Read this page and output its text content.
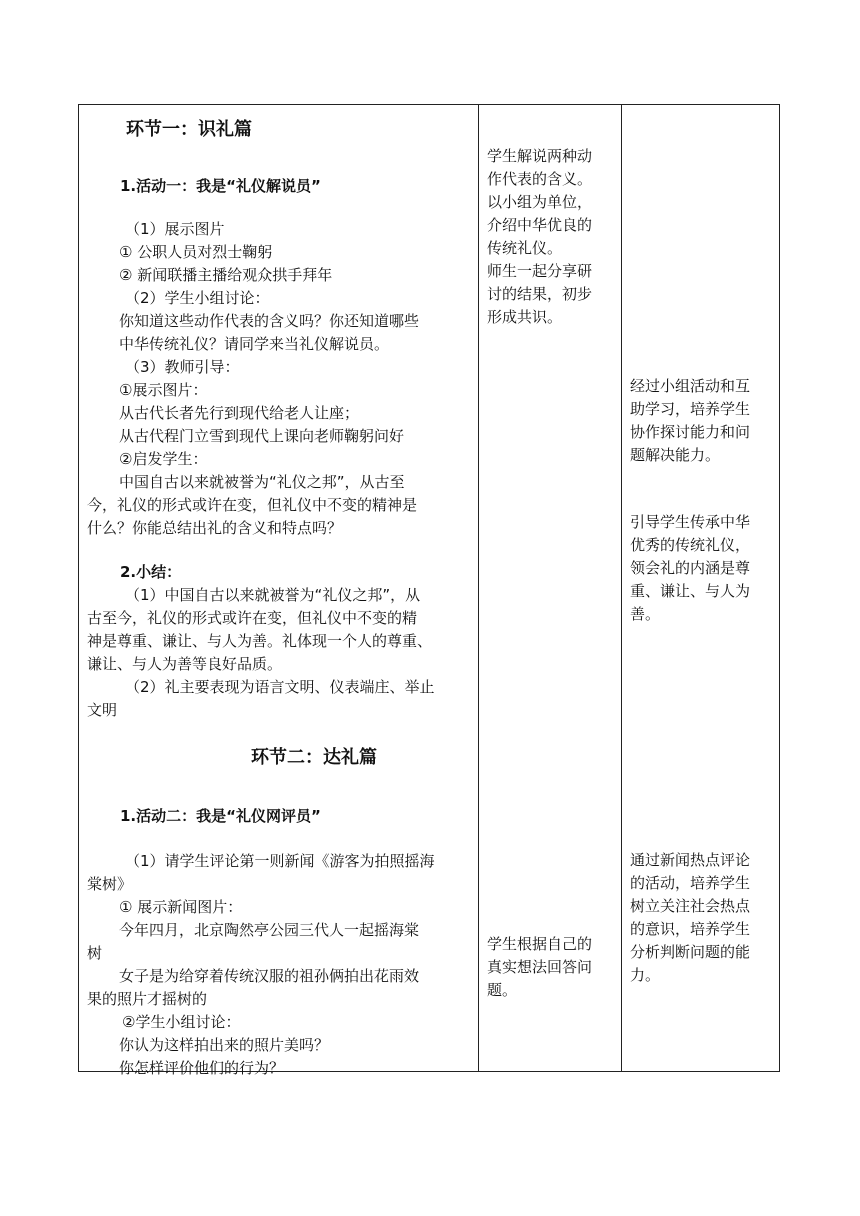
环节一：识礼篇
1.活动一：我是“礼仪解说员”
（1）展示图片
① 公职人员对烈士鞠躬
② 新闻联播主播给观众拱手拜年
（2）学生小组讨论：
你知道这些动作代表的含义吗？你还知道哪些
中华传统礼仪？请同学来当礼仪解说员。
（3）教师引导：
①展示图片：
从古代长者先行到现代给老人让座；
从古代程门立雪到现代上课向老师鞠躬问好
②启发学生：
中国自古以来就被誉为“礼仪之邦”，从古至
今，礼仪的形式或许在变，但礼仪中不变的精神是
什么？你能总结出礼的含义和特点吗？
2.小结：
（1）中国自古以来就被誉为“礼仪之邦”，从
古至今，礼仪的形式或许在变，但礼仪中不变的精
神是尊重、谦让、与人为善。礼体现一个人的尊重、
谦让、与人为善等良好品质。
（2）礼主要表现为语言文明、仪表端庄、举止
文明
环节二：达礼篇
1.活动二：我是“礼仪网评员”
（1）请学生评论第一则新闻《游客为拍照摇海
棠树》
① 展示新闻图片：
今年四月，北京陶然亭公园三代人一起摇海棠
树
女子是为给穿着传统汉服的祖孙俩拍出花雨效
果的照片才摇树的
②学生小组讨论：
你认为这样拍出来的照片美吗？
你怎样评价他们的行为？
学生解说两种动
作代表的含义。
以小组为单位，
介绍中华优良的
传统礼仪。
师生一起分享研
讨的结果，初步
形成共识。
学生根据自己的
真实想法回答问
题。
经过小组活动和互
助学习，培养学生
协作探讨能力和问
题解决能力。
引导学生传承中华
优秀的传统礼仪，
领会礼的内涵是尊
重、谦让、与人为
善。
通过新闻热点评论
的活动，培养学生
树立关注社会热点
的意识，培养学生
分析判断问题的能
力。
